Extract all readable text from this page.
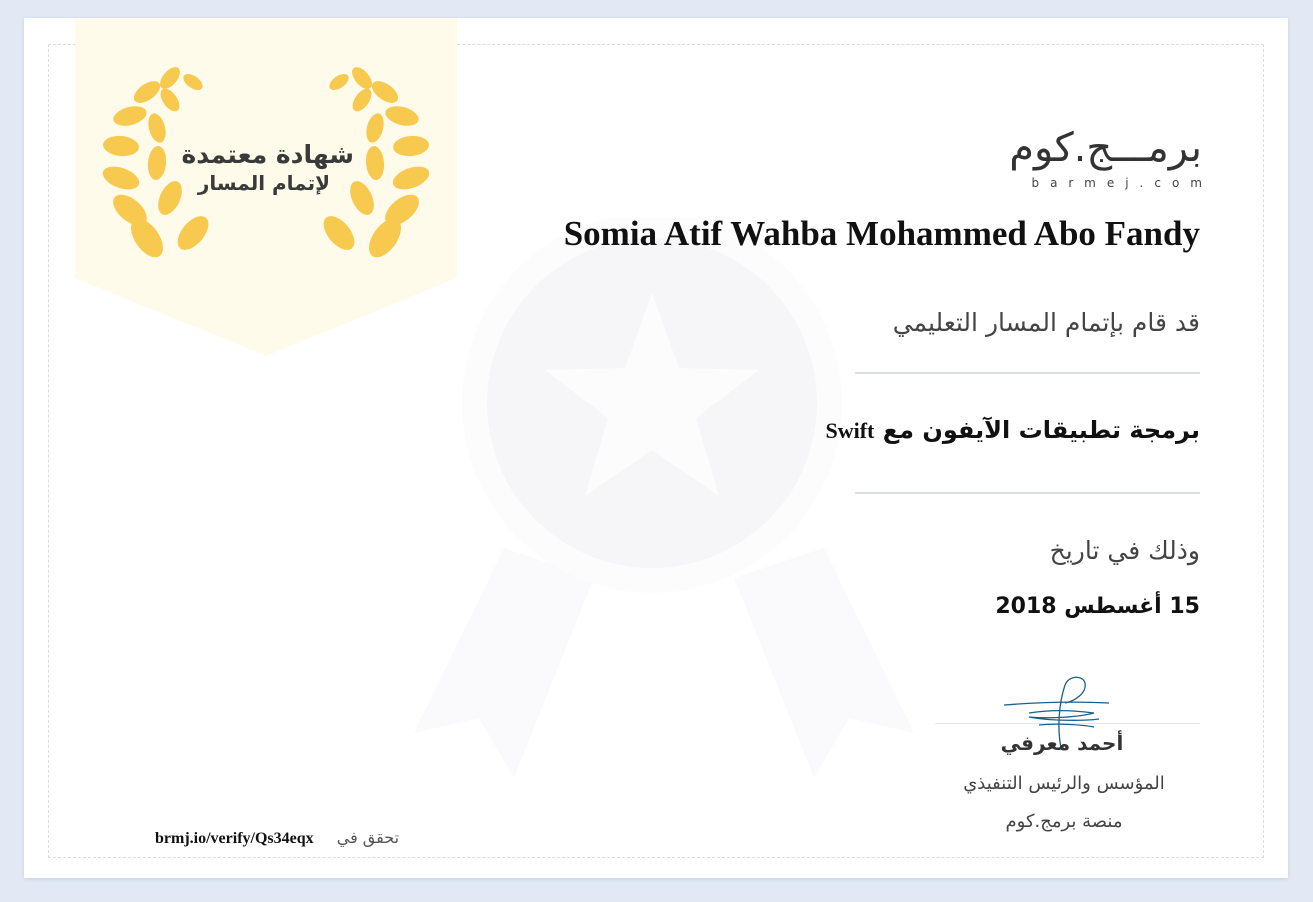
شهادة معتمدة
لإتمام المسار
برمـــج.كوم
barmej.com
Somia Atif Wahba Mohammed Abo Fandy
قد قام بإتمام المسار التعليمي
برمجة تطبيقات الآيفون مع Swift
وذلك في تاريخ
15 أغسطس 2018
أحمد معرفي
المؤسس والرئيس التنفيذي
منصة برمج.كوم
brmj.io/verify/Qs34eqx تحقق في
